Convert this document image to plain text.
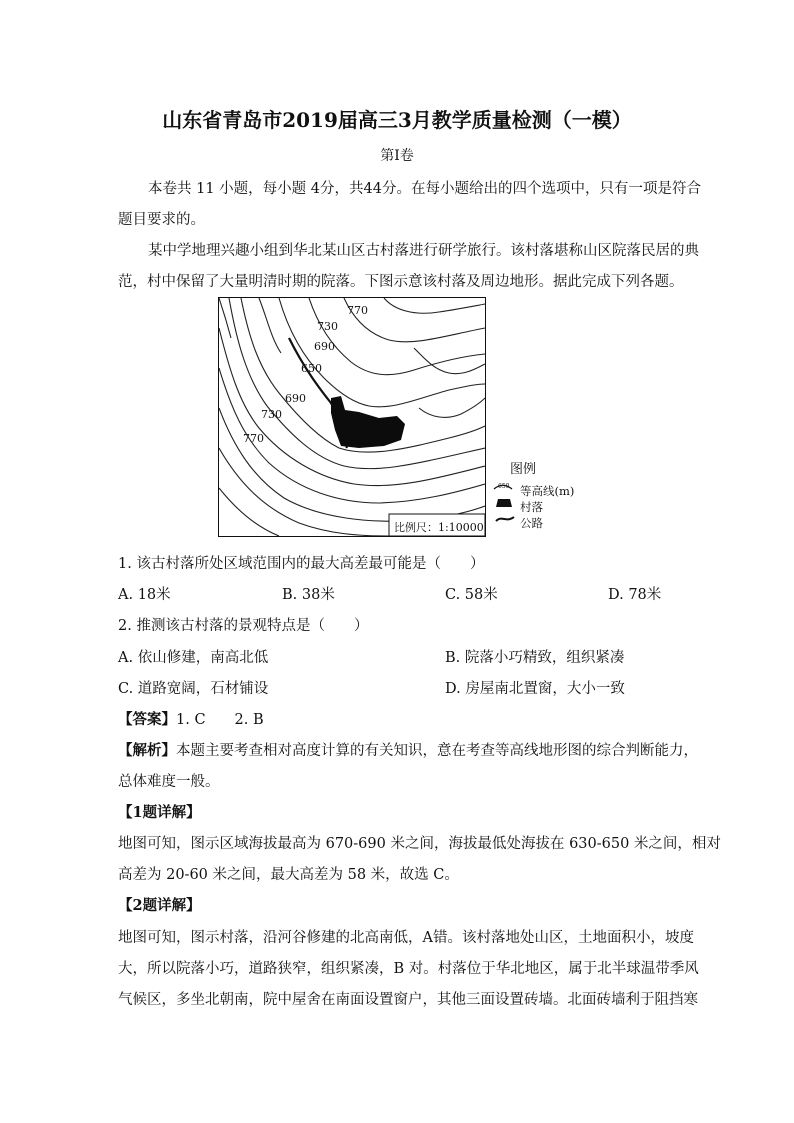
山东省青岛市2019届高三3月教学质量检测（一模）
第Ⅰ卷
本卷共 11 小题，每小题 4分，共44分。在每小题给出的四个选项中，只有一项是符合
题目要求的。
某中学地理兴趣小组到华北某山区古村落进行研学旅行。该村落堪称山区院落民居的典
范，村中保留了大量明清时期的院落。下图示意该村落及周边地形。据此完成下列各题。
770
730
690
650
690
730
770
比例尺：1:10000
图例
650 等高线(m)
村落
公路
1. 该古村落所处区域范围内的最大高差最可能是（　　）
A. 18米	B. 38米	C. 58米	D. 78米
2. 推测该古村落的景观特点是（　　）
A. 依山修建，南高北低	B. 院落小巧精致，组织紧凑
C. 道路宽阔，石材铺设	D. 房屋南北置窗，大小一致
【答案】1. C　　2. B
【解析】本题主要考查相对高度计算的有关知识，意在考查等高线地形图的综合判断能力，
总体难度一般。
【1题详解】
地图可知，图示区域海拔最高为 670-690 米之间，海拔最低处海拔在 630-650 米之间，相对
高差为 20-60 米之间，最大高差为 58 米，故选 C。
【2题详解】
地图可知，图示村落，沿河谷修建的北高南低，A错。该村落地处山区，土地面积小，坡度
大，所以院落小巧，道路狭窄，组织紧凑，B 对。村落位于华北地区，属于北半球温带季风
气候区，多坐北朝南，院中屋舍在南面设置窗户，其他三面设置砖墙。北面砖墙利于阻挡寒
